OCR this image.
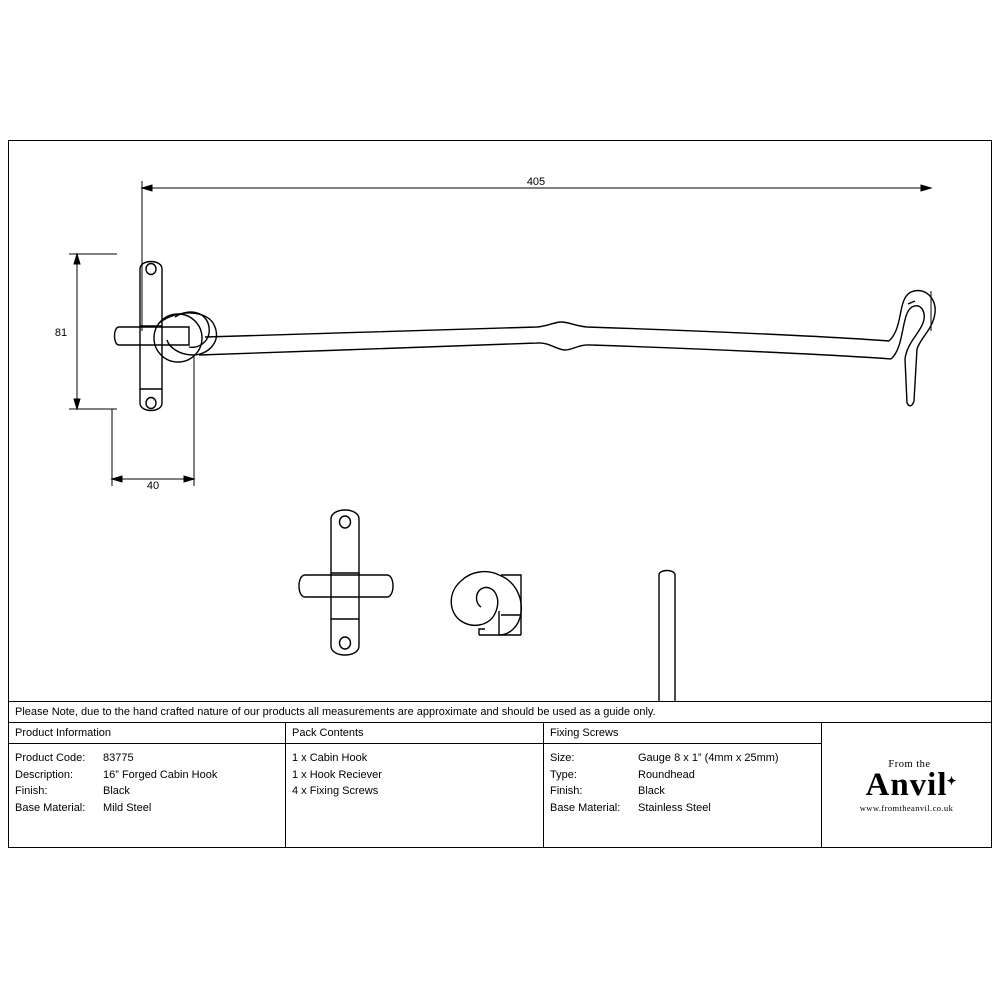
405
81
40
Please Note, due to the hand crafted nature of our products all measurements are approximate and should be used as a guide only.
Product Information
Product Code:	83775
Description:	16” Forged Cabin Hook
Finish:	Black
Base Material:	Mild Steel
Pack Contents
1 x Cabin Hook
1 x Hook Reciever
4 x Fixing Screws
Fixing Screws
Size:	Gauge 8 x 1” (4mm x 25mm)
Type:	Roundhead
Finish:	Black
Base Material:	Stainless Steel
From the
Anvil
✦
www.fromtheanvil.co.uk
